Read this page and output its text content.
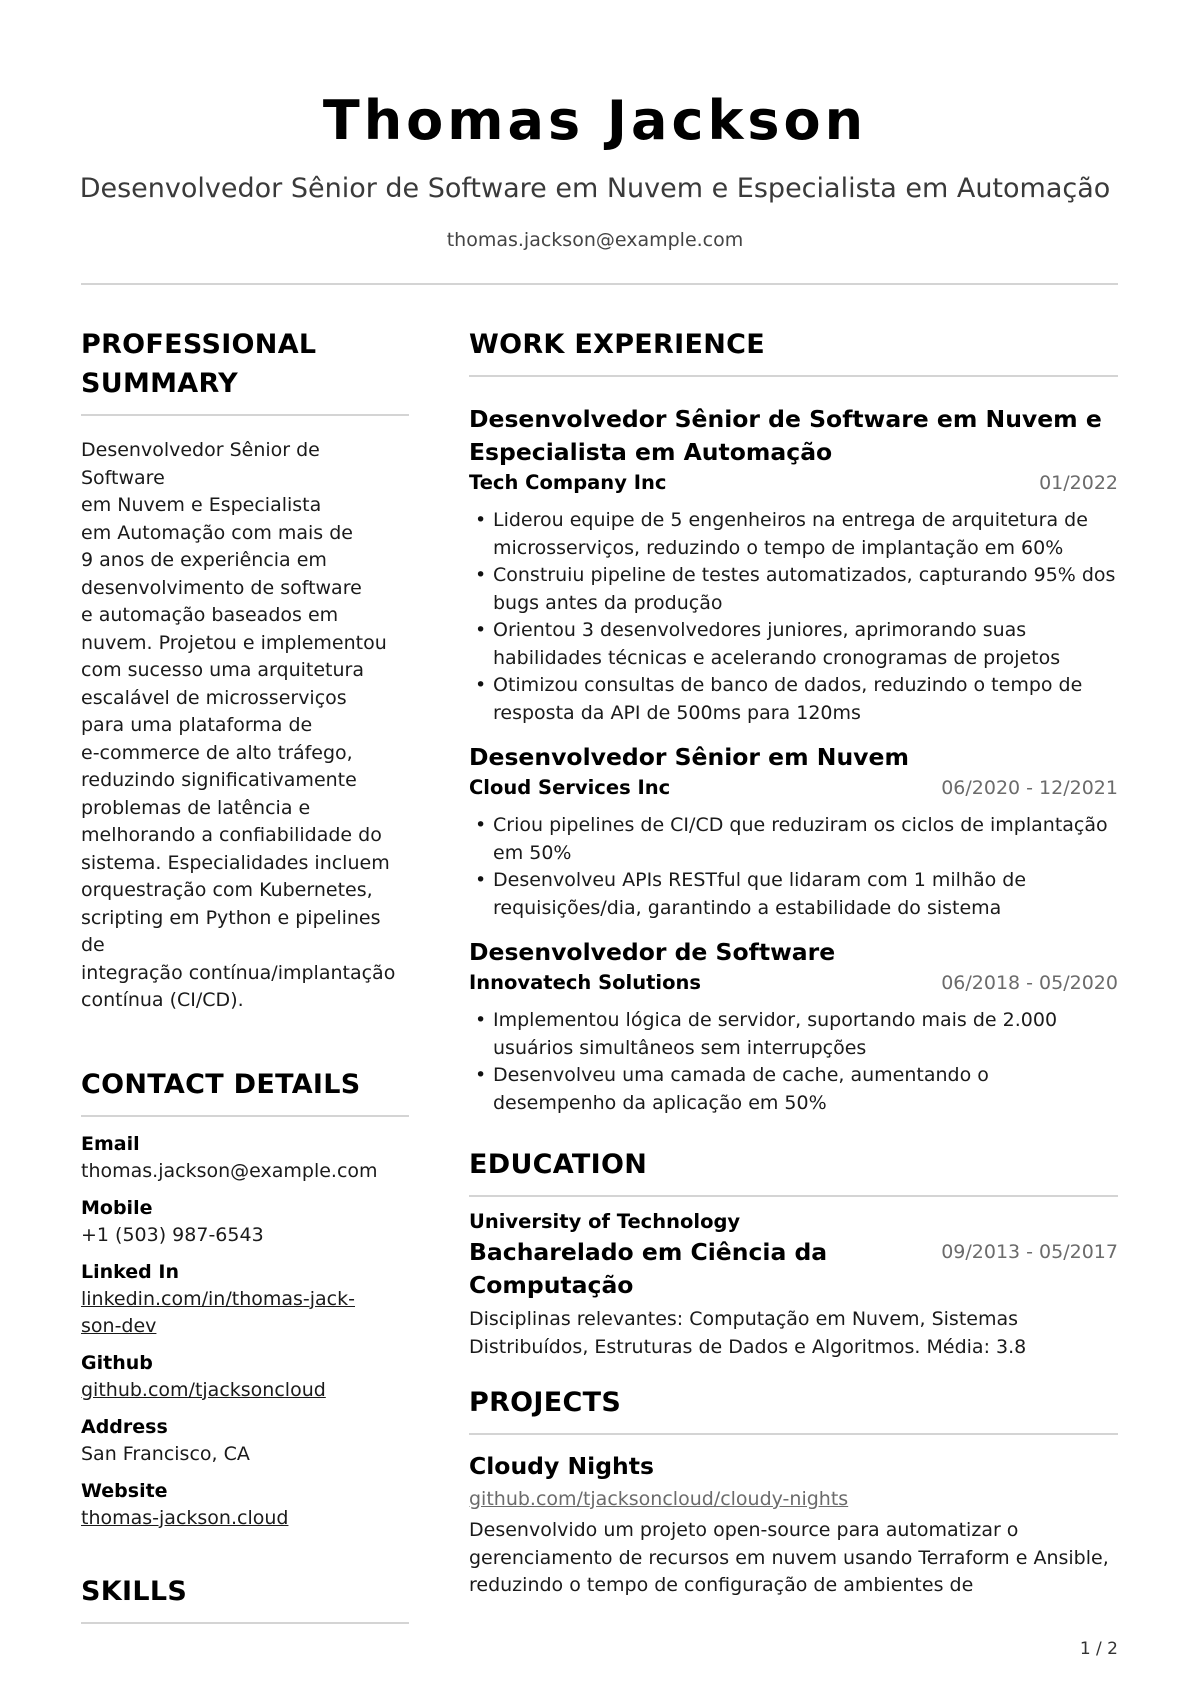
Thomas Jackson
Desenvolvedor Sênior de Software em Nuvem e Especialista em Automação
thomas.jackson@example.com
PROFESSIONAL SUMMARY
Desenvolvedor Sênior de Software
em Nuvem e Especialista
em Automação com mais de
9 anos de experiência em
desenvolvimento de software
e automação baseados em
nuvem. Projetou e implementou
com sucesso uma arquitetura
escalável de microsserviços
para uma plataforma de
e-commerce de alto tráfego,
reduzindo significativamente
problemas de latência e
melhorando a confiabilidade do
sistema. Especialidades incluem
orquestração com Kubernetes,
scripting em Python e pipelines de
integração contínua/implantação
contínua (CI/CD).
CONTACT DETAILS
Email
thomas.jackson@example.com
Mobile
+1 (503) 987-6543
Linked In
linkedin.com/in/thomas-jack-
son-dev
Github
github.com/tjacksoncloud
Address
San Francisco, CA
Website
thomas-jackson.cloud
SKILLS
WORK EXPERIENCE
Desenvolvedor Sênior de Software em Nuvem e Especialista em Automação
Tech Company Inc	01/2022
• Liderou equipe de 5 engenheiros na entrega de arquitetura de microsserviços, reduzindo o tempo de implantação em 60%
• Construiu pipeline de testes automatizados, capturando 95% dos bugs antes da produção
• Orientou 3 desenvolvedores juniores, aprimorando suas habilidades técnicas e acelerando cronogramas de projetos
• Otimizou consultas de banco de dados, reduzindo o tempo de resposta da API de 500ms para 120ms
Desenvolvedor Sênior em Nuvem
Cloud Services Inc	06/2020 - 12/2021
• Criou pipelines de CI/CD que reduziram os ciclos de implantação em 50%
• Desenvolveu APIs RESTful que lidaram com 1 milhão de requisições/dia, garantindo a estabilidade do sistema
Desenvolvedor de Software
Innovatech Solutions	06/2018 - 05/2020
• Implementou lógica de servidor, suportando mais de 2.000 usuários simultâneos sem interrupções
• Desenvolveu uma camada de cache, aumentando o desempenho da aplicação em 50%
EDUCATION
University of Technology
Bacharelado em Ciência da Computação
09/2013 - 05/2017
Disciplinas relevantes: Computação em Nuvem, Sistemas Distribuídos, Estruturas de Dados e Algoritmos. Média: 3.8
PROJECTS
Cloudy Nights
github.com/tjacksoncloud/cloudy-nights
Desenvolvido um projeto open-source para automatizar o gerenciamento de recursos em nuvem usando Terraform e Ansible, reduzindo o tempo de configuração de ambientes de
1 / 2
